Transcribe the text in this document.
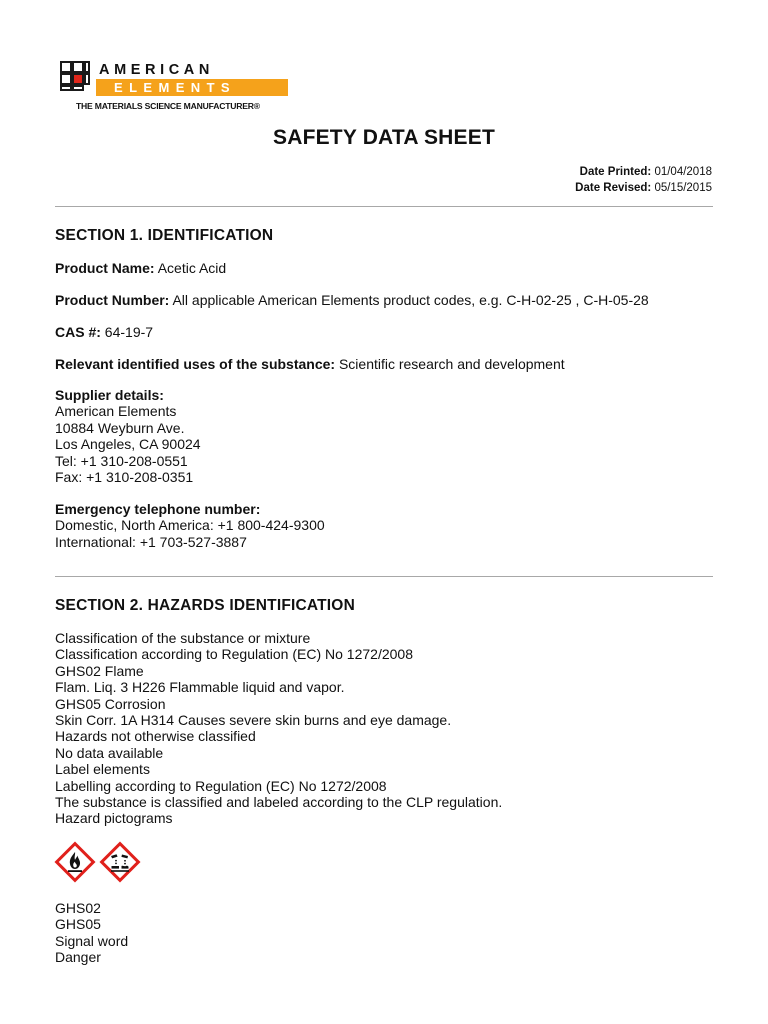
AMERICAN
ELEMENTS
THE MATERIALS SCIENCE MANUFACTURER®
SAFETY DATA SHEET
Date Printed: 01/04/2018
Date Revised: 05/15/2015
SECTION 1. IDENTIFICATION
Product Name: Acetic Acid
Product Number: All applicable American Elements product codes, e.g. C-H-02-25 , C-H-05-28
CAS #: 64-19-7
Relevant identified uses of the substance: Scientific research and development
Supplier details:
American Elements
10884 Weyburn Ave.
Los Angeles, CA 90024
Tel: +1 310-208-0551
Fax: +1 310-208-0351
Emergency telephone number:
Domestic, North America: +1 800-424-9300
International: +1 703-527-3887
SECTION 2. HAZARDS IDENTIFICATION
Classification of the substance or mixture
Classification according to Regulation (EC) No 1272/2008
GHS02 Flame
Flam. Liq. 3 H226 Flammable liquid and vapor.
GHS05 Corrosion
Skin Corr. 1A H314 Causes severe skin burns and eye damage.
Hazards not otherwise classified
No data available
Label elements
Labelling according to Regulation (EC) No 1272/2008
The substance is classified and labeled according to the CLP regulation.
Hazard pictograms
GHS02
GHS05
Signal word
Danger
